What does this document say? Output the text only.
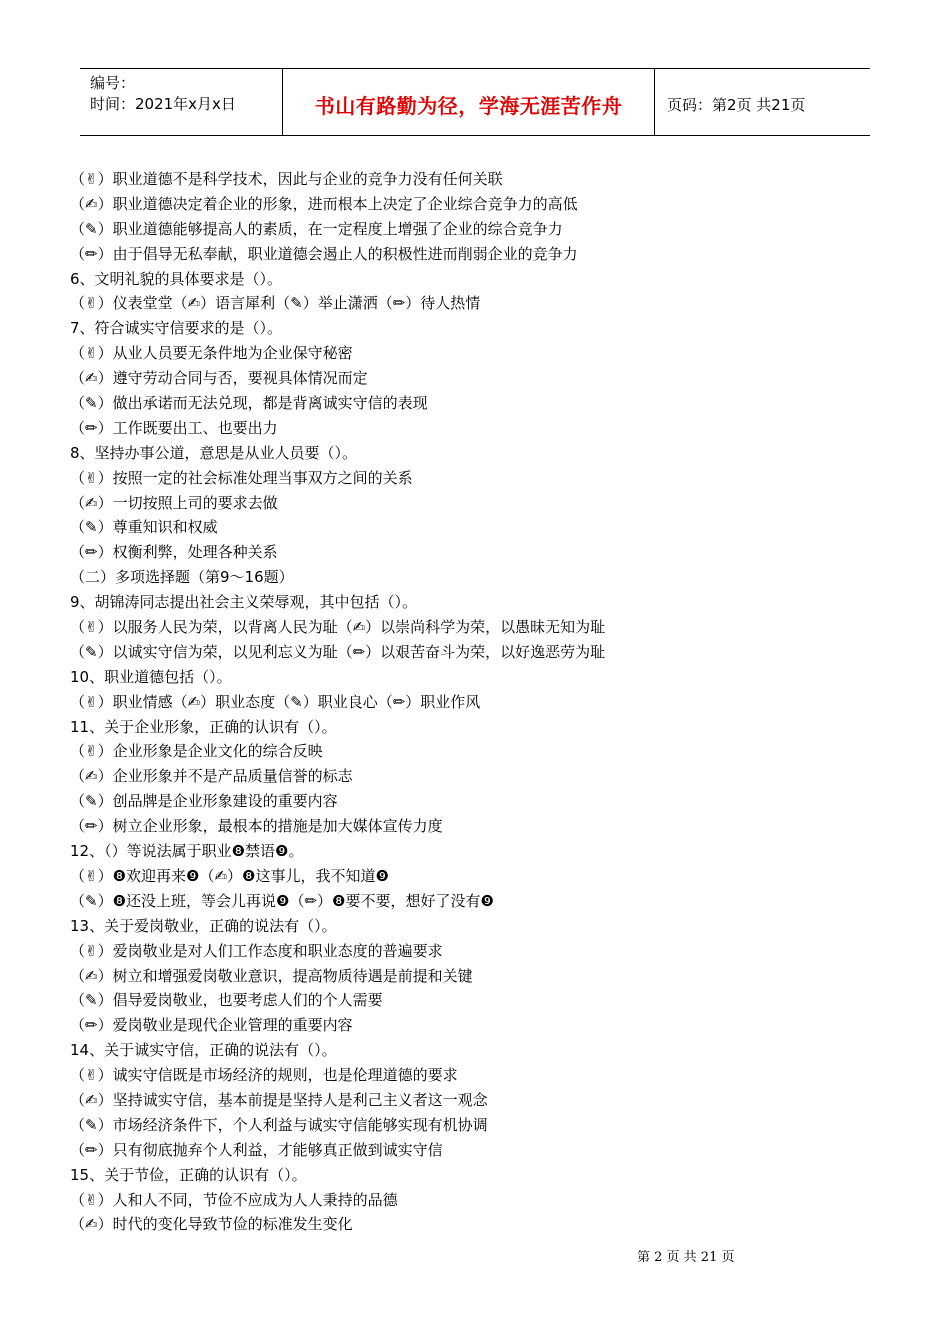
编号：
时间：2021年x月x日	书山有路勤为径，学海无涯苦作舟	页码：第2页 共21页
（✌）职业道德不是科学技术，因此与企业的竞争力没有任何关联
（✍）职业道德决定着企业的形象，进而根本上决定了企业综合竞争力的高低
（✎）职业道德能够提高人的素质，在一定程度上增强了企业的综合竞争力
（✏）由于倡导无私奉献，职业道德会遏止人的积极性进而削弱企业的竞争力
6、文明礼貌的具体要求是（）。
（✌）仪表堂堂（✍）语言犀利（✎）举止潇洒（✏）待人热情
7、符合诚实守信要求的是（）。
（✌）从业人员要无条件地为企业保守秘密
（✍）遵守劳动合同与否，要视具体情况而定
（✎）做出承诺而无法兑现，都是背离诚实守信的表现
（✏）工作既要出工、也要出力
8、坚持办事公道，意思是从业人员要（）。
（✌）按照一定的社会标准处理当事双方之间的关系
（✍）一切按照上司的要求去做
（✎）尊重知识和权威
（✏）权衡利弊，处理各种关系
（二）多项选择题（第9～16题）
9、胡锦涛同志提出社会主义荣辱观，其中包括（）。
（✌）以服务人民为荣，以背离人民为耻（✍）以崇尚科学为荣，以愚昧无知为耻
（✎）以诚实守信为荣，以见利忘义为耻（✏）以艰苦奋斗为荣，以好逸恶劳为耻
10、职业道德包括（）。
（✌）职业情感（✍）职业态度（✎）职业良心（✏）职业作风
11、关于企业形象，正确的认识有（）。
（✌）企业形象是企业文化的综合反映
（✍）企业形象并不是产品质量信誉的标志
（✎）创品牌是企业形象建设的重要内容
（✏）树立企业形象，最根本的措施是加大媒体宣传力度
12、（）等说法属于职业❽禁语❾。
（✌）❽欢迎再来❾（✍）❽这事儿，我不知道❾
（✎）❽还没上班，等会儿再说❾（✏）❽要不要，想好了没有❾
13、关于爱岗敬业，正确的说法有（）。
（✌）爱岗敬业是对人们工作态度和职业态度的普遍要求
（✍）树立和增强爱岗敬业意识，提高物质待遇是前提和关键
（✎）倡导爱岗敬业，也要考虑人们的个人需要
（✏）爱岗敬业是现代企业管理的重要内容
14、关于诚实守信，正确的说法有（）。
（✌）诚实守信既是市场经济的规则，也是伦理道德的要求
（✍）坚持诚实守信，基本前提是坚持人是利己主义者这一观念
（✎）市场经济条件下，个人利益与诚实守信能够实现有机协调
（✏）只有彻底抛弃个人利益，才能够真正做到诚实守信
15、关于节俭，正确的认识有（）。
（✌）人和人不同，节俭不应成为人人秉持的品德
（✍）时代的变化导致节俭的标准发生变化
第 2 页 共 21 页
